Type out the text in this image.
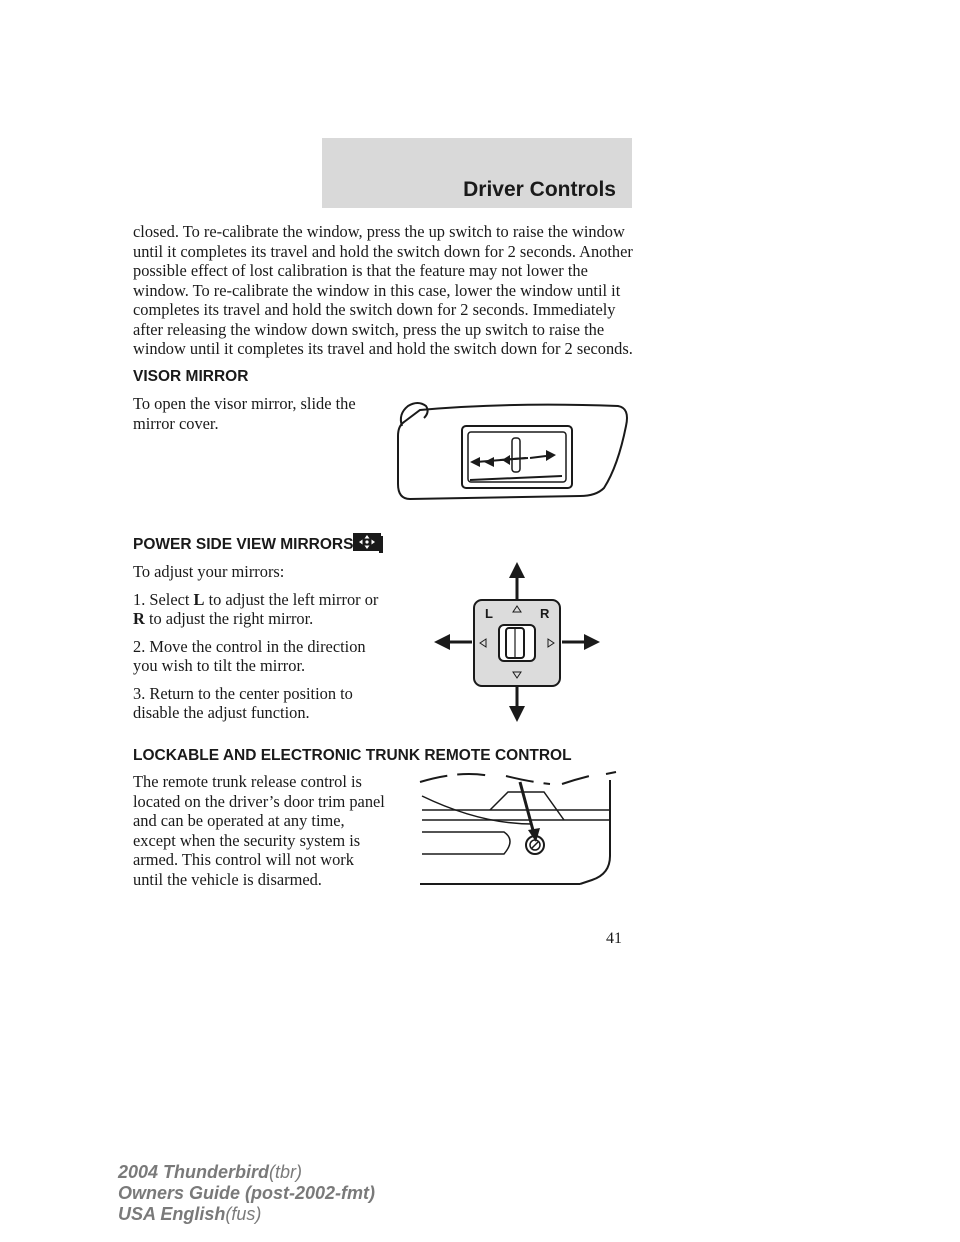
Driver Controls

closed. To re-calibrate the window, press the up switch to raise the window until it completes its travel and hold the switch down for 2 seconds. Another possible effect of lost calibration is that the feature may not lower the window. To re-calibrate the window in this case, lower the window until it completes its travel and hold the switch down for 2 seconds. Immediately after releasing the window down switch, press the up switch to raise the window until it completes its travel and hold the switch down for 2 seconds.

VISOR MIRROR

To open the visor mirror, slide the mirror cover.

POWER SIDE VIEW MIRRORS

To adjust your mirrors:

1. Select L to adjust the left mirror or R to adjust the right mirror.

2. Move the control in the direction you wish to tilt the mirror.

3. Return to the center position to disable the adjust function.

L	R
LOCKABLE AND ELECTRONIC TRUNK REMOTE CONTROL

The remote trunk release control is located on the driver’s door trim panel and can be operated at any time, except when the security system is armed. This control will not work until the vehicle is disarmed.

41
2004 Thunderbird(tbr)
Owners Guide (post-2002-fmt)
USA English(fus)
